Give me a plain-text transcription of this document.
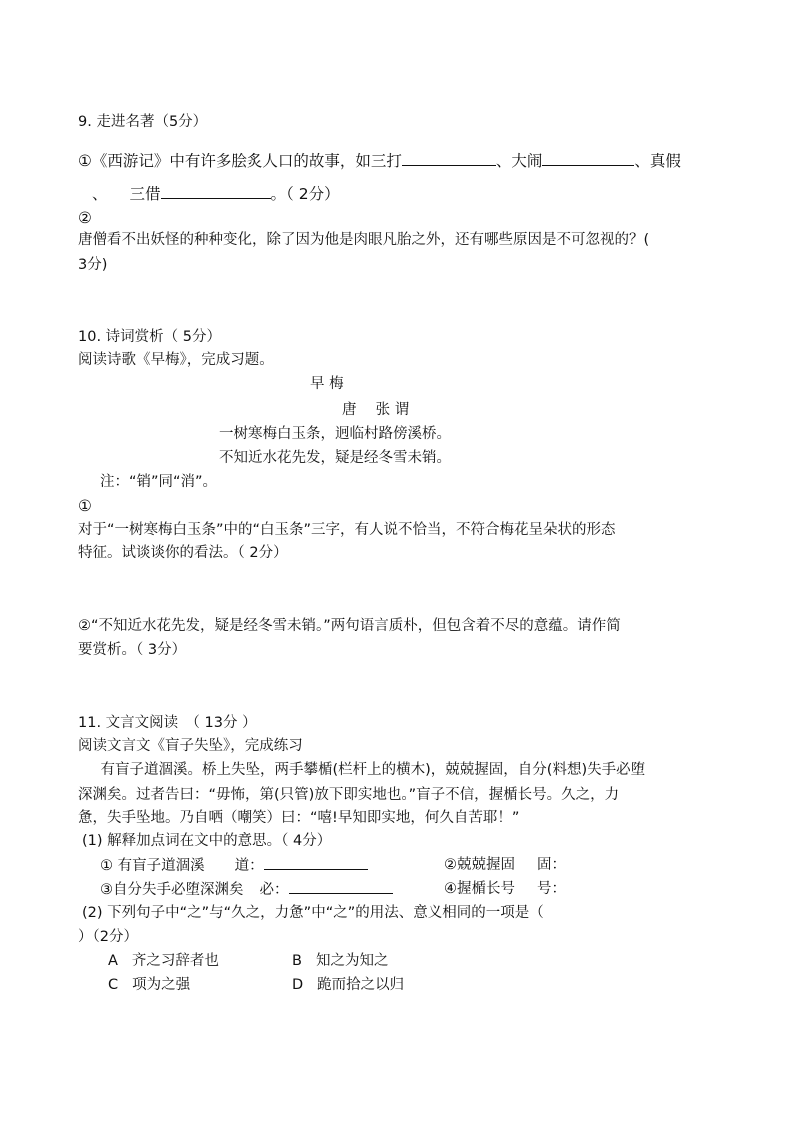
9. 走进名著（5分）
①《西游记》中有许多脍炙人口的故事，如三打	、大闹	、真假
、 三借	。（ 2分）
②
唐僧看不出妖怪的种种变化，除了因为他是肉眼凡胎之外，还有哪些原因是不可忽视的？(
3分)
10. 诗词赏析（ 5分）
阅读诗歌《早梅》，完成习题。
早 梅
唐　 张 谓
一树寒梅白玉条，迥临村路傍溪桥。
不知近水花先发，疑是经冬雪未销。
注：“销”同“消”。
①
对于“一树寒梅白玉条”中的“白玉条”三字，有人说不恰当，不符合梅花呈朵状的形态
特征。试谈谈你的看法。（ 2分）
②“不知近水花先发，疑是经冬雪未销。”两句语言质朴，但包含着不尽的意蕴。请作简
要赏析。（ 3分）
11. 文言文阅读　（ 13分 ）
阅读文言文《盲子失坠》，完成练习
　有盲子道涸溪。桥上失坠，两手攀楯(栏杆上的横木)，兢兢握固，自分(料想)失手必堕
深渊矣。过者告曰：“毋怖，第(只管)放下即实地也。”盲子不信，握楯长号。久之，力
惫，失手坠地。乃自哂（嘲笑）曰：“嘻!早知即实地，何久自苦耶！”
(1) 解释加点词在文中的意思。（ 4分）
① 有盲子道涸溪 道：	②兢兢握固 固：
③自分失手必堕深渊矣 必：	④握楯长号 号：
(2) 下列句子中“之”与“久之，力惫”中“之”的用法、意义相同的一项是（
）（2分）
A 齐之习辞者也	B 知之为知之
C 项为之强	D 跪而拾之以归
